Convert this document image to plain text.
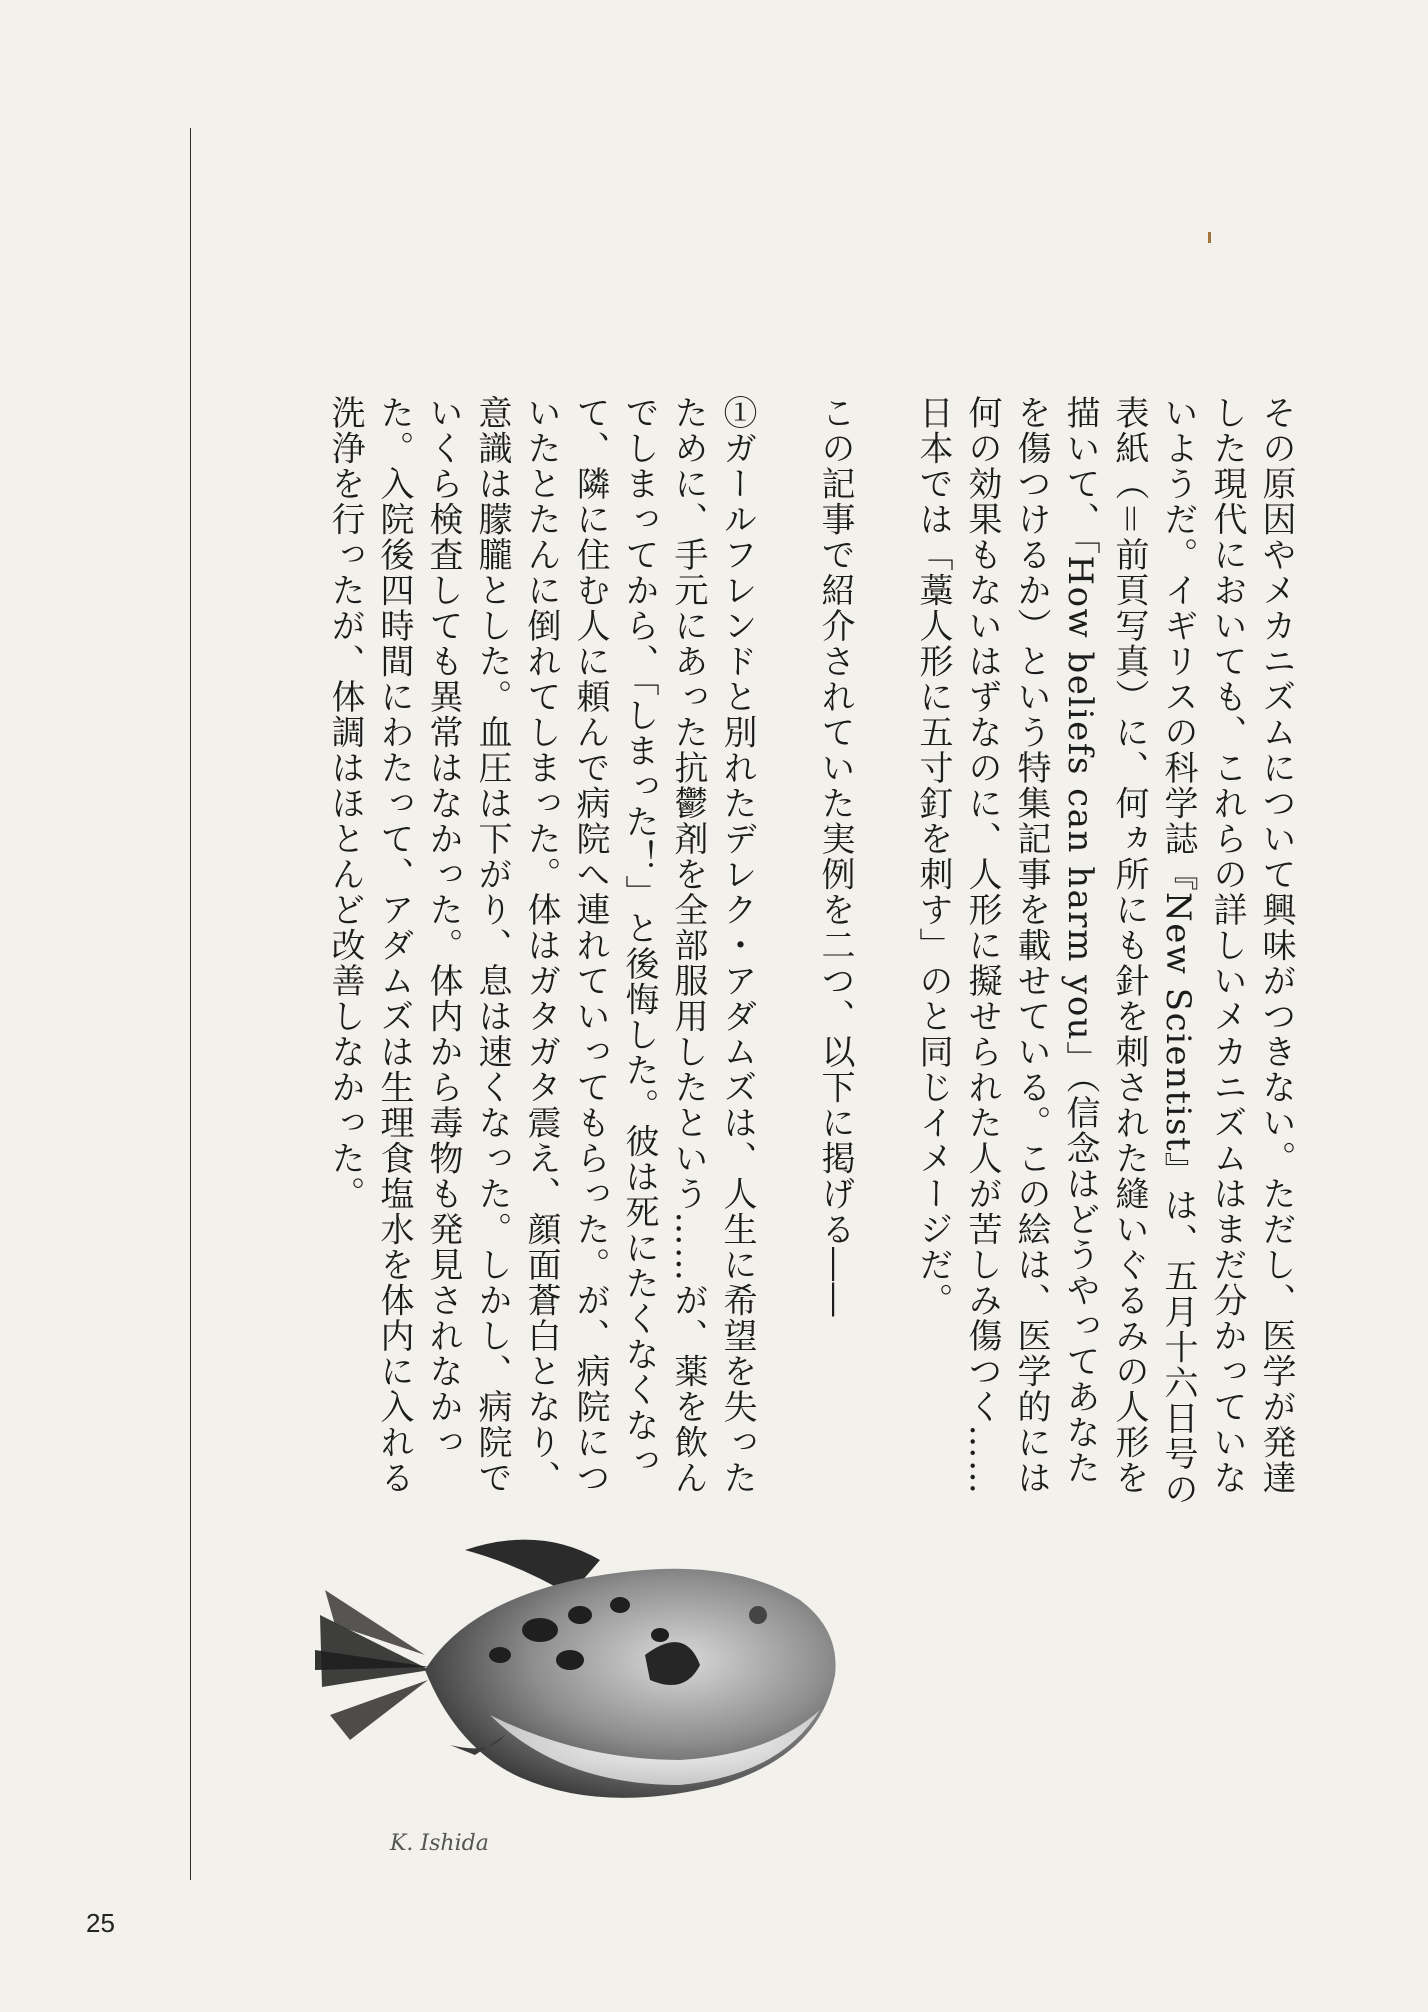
その原因やメカニズムについて興味がつきない。ただし、医学が発達した現代においても、これらの詳しいメカニズムはまだ分かっていないようだ。イギリスの科学誌『New Scientist』は、五月十六日号の表紙（＝前頁写真）に、何ヵ所にも針を刺された縫いぐるみの人形を描いて、「How beliefs can harm you」（信念はどうやってあなたを傷つけるか）という特集記事を載せている。この絵は、医学的には何の効果もないはずなのに、人形に擬せられた人が苦しみ傷つく……日本では「藁人形に五寸釘を刺す」のと同じイメージだ。

この記事で紹介されていた実例を二つ、以下に掲げる――

①ガールフレンドと別れたデレク・アダムズは、人生に希望を失ったために、手元にあった抗鬱剤を全部服用したという……が、薬を飲んでしまってから、「しまった！」と後悔した。彼は死にたくなくなって、隣に住む人に頼んで病院へ連れていってもらった。が、病院についたとたんに倒れてしまった。体はガタガタ震え、顔面蒼白となり、意識は朦朧とした。血圧は下がり、息は速くなった。しかし、病院でいくら検査しても異常はなかった。体内から毒物も発見されなかった。入院後四時間にわたって、アダムズは生理食塩水を体内に入れる洗浄を行ったが、体調はほとんど改善しなかった。

K. Ishida
25
